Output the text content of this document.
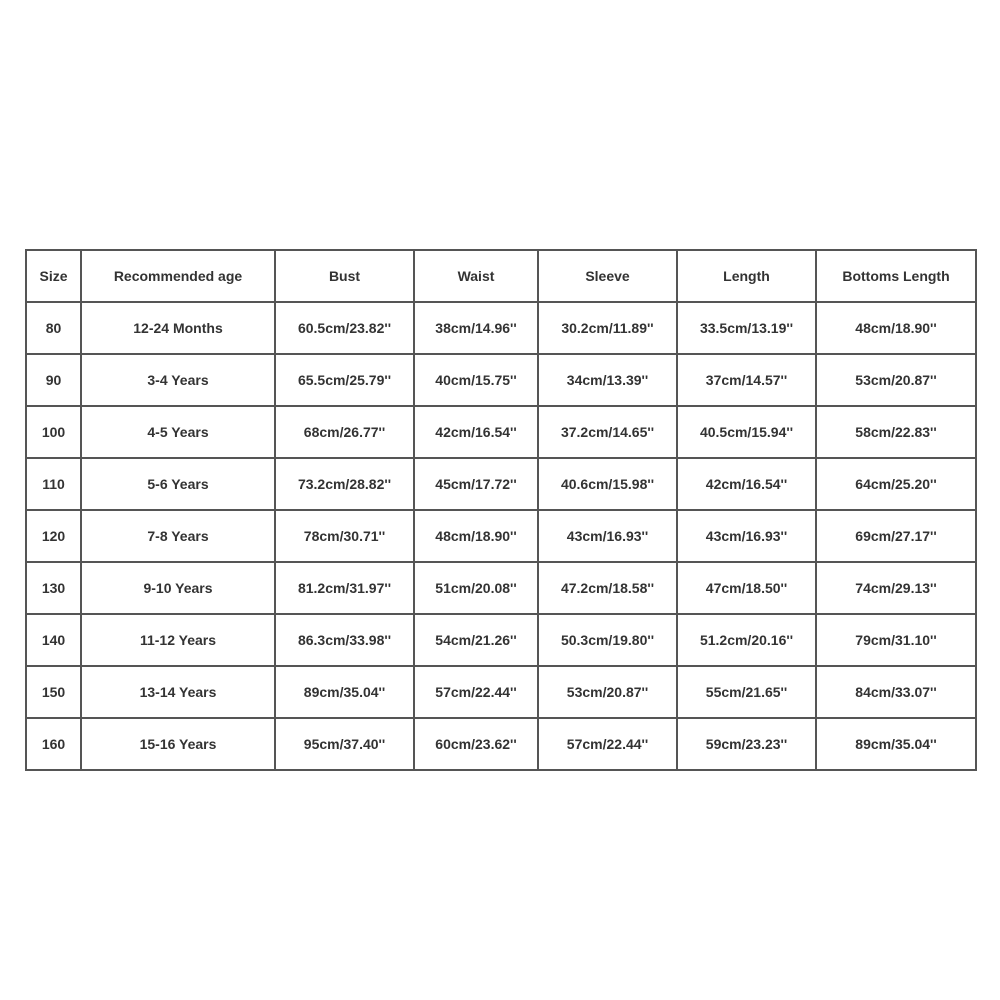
Size	Recommended age	Bust	Waist	Sleeve	Length	Bottoms Length
80	12-24 Months	60.5cm/23.82''	38cm/14.96''	30.2cm/11.89''	33.5cm/13.19''	48cm/18.90''
90	3-4 Years	65.5cm/25.79''	40cm/15.75''	34cm/13.39''	37cm/14.57''	53cm/20.87''
100	4-5 Years	68cm/26.77''	42cm/16.54''	37.2cm/14.65''	40.5cm/15.94''	58cm/22.83''
110	5-6 Years	73.2cm/28.82''	45cm/17.72''	40.6cm/15.98''	42cm/16.54''	64cm/25.20''
120	7-8 Years	78cm/30.71''	48cm/18.90''	43cm/16.93''	43cm/16.93''	69cm/27.17''
130	9-10 Years	81.2cm/31.97''	51cm/20.08''	47.2cm/18.58''	47cm/18.50''	74cm/29.13''
140	11-12 Years	86.3cm/33.98''	54cm/21.26''	50.3cm/19.80''	51.2cm/20.16''	79cm/31.10''
150	13-14 Years	89cm/35.04''	57cm/22.44''	53cm/20.87''	55cm/21.65''	84cm/33.07''
160	15-16 Years	95cm/37.40''	60cm/23.62''	57cm/22.44''	59cm/23.23''	89cm/35.04''
